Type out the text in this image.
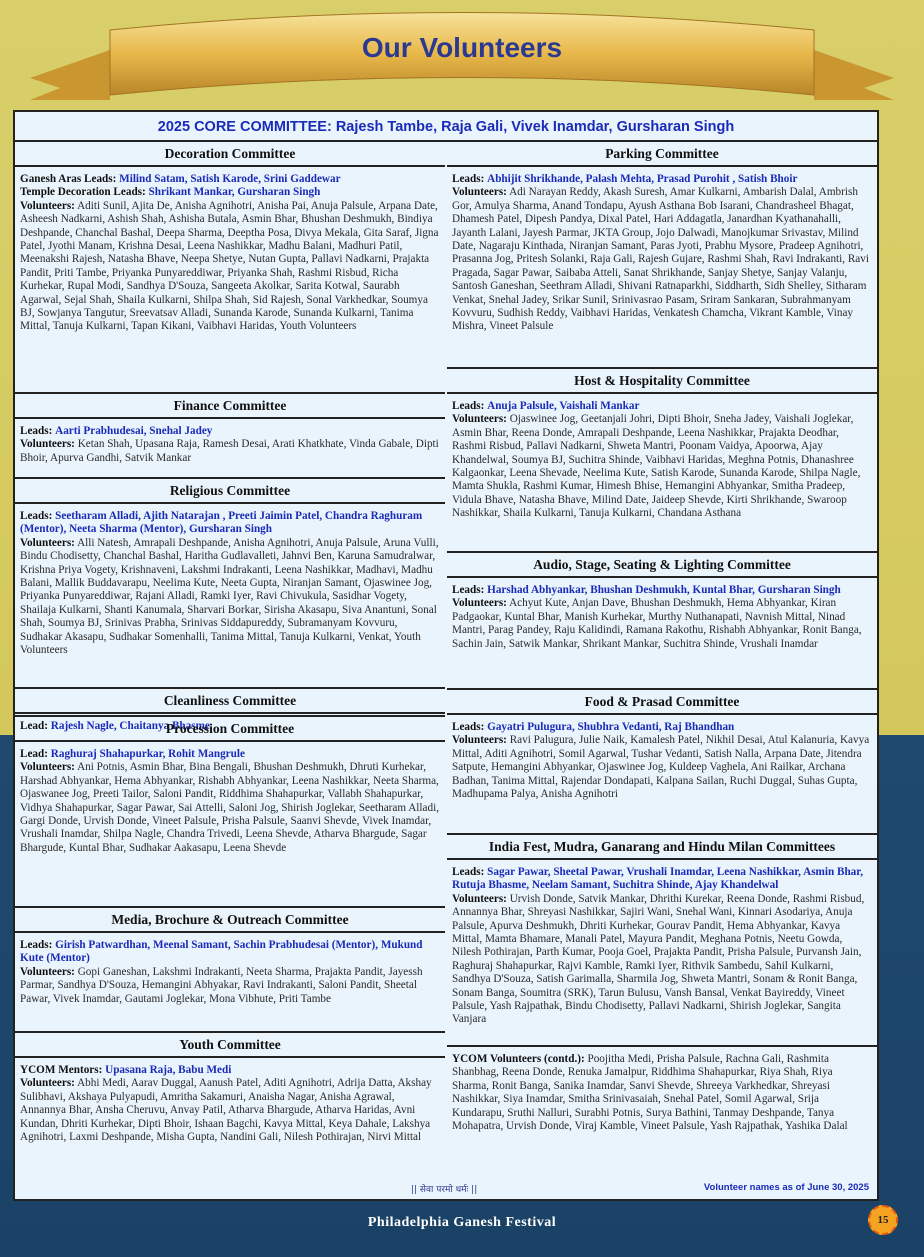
Our Volunteers
2025 CORE COMMITTEE: Rajesh Tambe, Raja Gali, Vivek Inamdar, Gursharan Singh
Decoration Committee
Ganesh Aras Leads: Milind Satam, Satish Karode, Srini Gaddewar
Temple Decoration Leads: Shrikant Mankar, Gursharan Singh
Volunteers: Aditi Sunil, Ajita De, Anisha Agnihotri, Anisha Pai, Anuja Palsule, Arpana Date, Asheesh Nadkarni, Ashish Shah, Ashisha Butala, Asmin Bhar, Bhushan Deshmukh, Bindiya Deshpande, Chanchal Bashal, Deepa Sharma, Deeptha Posa, Divya Mekala, Gita Saraf, Jigna Patel, Jyothi Manam, Krishna Desai, Leena Nashikkar, Madhu Balani, Madhuri Patil, Meenakshi Rajesh, Natasha Bhave, Neepa Shetye, Nutan Gupta, Pallavi Nadkarni, Prajakta Pandit, Priti Tambe, Priyanka Punyareddiwar, Priyanka Shah, Rashmi Risbud, Richa Kurhekar, Rupal Modi, Sandhya D'Souza, Sangeeta Akolkar, Sarita Kotwal, Saurabh Agarwal, Sejal Shah, Shaila Kulkarni, Shilpa Shah, Sid Rajesh, Sonal Varkhedkar, Soumya BJ, Sowjanya Tangutur, Sreevatsav Alladi, Sunanda Karode, Sunanda Kulkarni, Tanima Mittal, Tanuja Kulkarni, Tapan Kikani, Vaibhavi Haridas, Youth Volunteers
Finance Committee
Leads: Aarti Prabhudesai, Snehal Jadey
Volunteers: Ketan Shah, Upasana Raja, Ramesh Desai, Arati Khatkhate, Vinda Gabale, Dipti Bhoir, Apurva Gandhi, Satvik Mankar
Religious Committee
Leads: Seetharam Alladi, Ajith Natarajan , Preeti Jaimin Patel, Chandra Raghuram (Mentor), Neeta Sharma (Mentor), Gursharan Singh
Volunteers: Alli Natesh, Amrapali Deshpande, Anisha Agnihotri, Anuja Palsule, Aruna Vulli, Bindu Chodisetty, Chanchal Bashal, Haritha Gudlavalleti, Jahnvi Ben, Karuna Samudralwar, Krishna Priya Vogety, Krishnaveni, Lakshmi Indrakanti, Leena Nashikkar, Madhavi, Madhu Balani, Mallik Buddavarapu, Neelima Kute, Neeta Gupta, Niranjan Samant, Ojaswinee Jog, Priyanka Punyareddiwar, Rajani Alladi, Ramki Iyer, Ravi Chivukula, Sasidhar Vogety, Shailaja Kulkarni, Shanti Kanumala, Sharvari Borkar, Sirisha Akasapu, Siva Anantuni, Sonal Shah, Soumya BJ, Srinivas Prabha, Srinivas Siddapureddy, Subramanyam Kovvuru, Sudhakar Akasapu, Sudhakar Somenhalli, Tanima Mittal, Tanuja Kulkarni, Venkat, Youth Volunteers
Cleanliness Committee
Lead: Rajesh Nagle, Chaitanya Bhasme
Procession Committee
Lead: Raghuraj Shahapurkar, Rohit Mangrule
Volunteers: Ani Potnis, Asmin Bhar, Bina Bengali, Bhushan Deshmukh, Dhruti Kurhekar, Harshad Abhyankar, Hema Abhyankar, Rishabh Abhyankar, Leena Nashikkar, Neeta Sharma, Ojaswanee Jog, Preeti Tailor, Saloni Pandit, Riddhima Shahapurkar, Vallabh Shahapurkar, Vidhya Shahapurkar, Sagar Pawar, Sai Attelli, Saloni Jog, Shirish Joglekar, Seetharam Alladi, Gargi Donde, Urvish Donde, Vineet Palsule, Prisha Palsule, Saanvi Shevde, Vivek Inamdar, Vrushali Inamdar, Shilpa Nagle, Chandra Trivedi, Leena Shevde, Atharva Bhargude, Sagar Bhargude, Kuntal Bhar, Sudhakar Aakasapu, Leena Shevde
Media, Brochure & Outreach Committee
Leads: Girish Patwardhan, Meenal Samant, Sachin Prabhudesai (Mentor), Mukund Kute (Mentor)
Volunteers: Gopi Ganeshan, Lakshmi Indrakanti, Neeta Sharma, Prajakta Pandit, Jayessh Parmar, Sandhya D'Souza, Hemangini Abhyakar, Ravi Indrakanti, Saloni Pandit, Sheetal Pawar, Vivek Inamdar, Gautami Joglekar, Mona Vibhute, Priti Tambe
Youth Committee
YCOM Mentors: Upasana Raja, Babu Medi
Volunteers: Abhi Medi, Aarav Duggal, Aanush Patel, Aditi Agnihotri, Adrija Datta, Akshay Sulibhavi, Akshaya Pulyapudi, Amritha Sakamuri, Anaisha Nagar, Anisha Agrawal, Annannya Bhar, Ansha Cheruvu, Anvay Patil, Atharva Bhargude, Atharva Haridas, Avni Kundan, Dhriti Kurhekar, Dipti Bhoir, Ishaan Bagchi, Kavya Mittal, Keya Dahale, Lakshya Agnihotri, Laxmi Deshpande, Misha Gupta, Nandini Gali, Nilesh Pothirajan, Nirvi Mittal
Parking Committee
Leads: Abhijit Shrikhande, Palash Mehta, Prasad Purohit , Satish Bhoir
Volunteers: Adi Narayan Reddy, Akash Suresh, Amar Kulkarni, Ambarish Dalal, Ambrish Gor, Amulya Sharma, Anand Tondapu, Ayush Asthana Bob Isarani, Chandrasheel Bhagat, Dhamesh Patel, Dipesh Pandya, Dixal Patel, Hari Addagatla, Janardhan Kyathanahalli, Jayanth Lalani, Jayesh Parmar, JKTA Group, Jojo Dalwadi, Manojkumar Srivastav, Milind Date, Nagaraju Kinthada, Niranjan Samant, Paras Jyoti, Prabhu Mysore, Pradeep Agnihotri, Prasanna Jog, Pritesh Solanki, Raja Gali, Rajesh Gujare, Rashmi Shah, Ravi Indrakanti, Ravi Pragada, Sagar Pawar, Saibaba Atteli, Sanat Shrikhande, Sanjay Shetye, Sanjay Valanju, Santosh Ganeshan, Seethram Alladi, Shivani Ratnaparkhi, Siddharth, Sidh Shelley, Sitharam Venkat, Snehal Jadey, Srikar Sunil, Srinivasrao Pasam, Sriram Sankaran, Subrahmanyam Kovvuru, Sudhish Reddy, Vaibhavi Haridas, Venkatesh Chamcha, Vikrant Kamble, Vinay Mishra, Vineet Palsule
Host & Hospitality Committee
Leads: Anuja Palsule, Vaishali Mankar
Volunteers: Ojaswinee Jog, Geetanjali Johri, Dipti Bhoir, Sneha Jadey, Vaishali Joglekar, Asmin Bhar, Reena Donde, Amrapali Deshpande, Leena Nashikkar, Prajakta Deodhar, Rashmi Risbud, Pallavi Nadkarni, Shweta Mantri, Poonam Vaidya, Apoorwa, Ajay Khandelwal, Soumya BJ, Suchitra Shinde, Vaibhavi Haridas, Meghna Potnis, Dhanashree Kalgaonkar, Leena Shevade, Neelima Kute, Satish Karode, Sunanda Karode, Shilpa Nagle, Mamta Shukla, Rashmi Kumar, Himesh Bhise, Hemangini Abhyankar, Smitha Pradeep, Vidula Bhave, Natasha Bhave, Milind Date, Jaideep Shevde, Kirti Shrikhande, Swaroop Nashikkar, Shaila Kulkarni, Tanuja Kulkarni, Chandana Asthana
Audio, Stage, Seating & Lighting Committee
Leads: Harshad Abhyankar, Bhushan Deshmukh, Kuntal Bhar, Gursharan Singh
Volunteers: Achyut Kute, Anjan Dave, Bhushan Deshmukh, Hema Abhyankar, Kiran Padgaokar, Kuntal Bhar, Manish Kurhekar, Murthy Nuthanapati, Navnish Mittal, Ninad Mantri, Parag Pandey, Raju Kalidindi, Ramana Rakothu, Rishabh Abhyankar, Ronit Banga, Sachin Jain, Satwik Mankar, Shrikant Mankar, Suchitra Shinde, Vrushali Inamdar
Food & Prasad Committee
Leads: Gayatri Pulugura, Shubhra Vedanti, Raj Bhandhan
Volunteers: Ravi Palugura, Julie Naik, Kamalesh Patel, Nikhil Desai, Atul Kalanuria, Kavya Mittal, Aditi Agnihotri, Somil Agarwal, Tushar Vedanti, Satish Nalla, Arpana Date, Jitendra Satpute, Hemangini Abhyankar, Ojaswinee Jog, Kuldeep Vaghela, Ani Railkar, Archana Badhan, Tanima Mittal, Rajendar Dondapati, Kalpana Sailan, Ruchi Duggal, Suhas Gupta, Madhupama Palya, Anisha Agnihotri
India Fest, Mudra, Ganarang and Hindu Milan Committees
Leads: Sagar Pawar, Sheetal Pawar, Vrushali Inamdar, Leena Nashikkar, Asmin Bhar, Rutuja Bhasme, Neelam Samant, Suchitra Shinde, Ajay Khandelwal
Volunteers: Urvish Donde, Satvik Mankar, Dhrithi Kurekar, Reena Donde, Rashmi Risbud, Annannya Bhar, Shreyasi Nashikkar, Sajiri Wani, Snehal Wani, Kinnari Asodariya, Anuja Palsule, Apurva Deshmukh, Dhriti Kurhekar, Gourav Pandit, Hema Abhyankar, Kavya Mittal, Mamta Bhamare, Manali Patel, Mayura Pandit, Meghana Potnis, Neetu Gowda, Nilesh Pothirajan, Parth Kumar, Pooja Goel, Prajakta Pandit, Prisha Palsule, Purvansh Jain, Raghuraj Shahapurkar, Rajvi Kamble, Ramki Iyer, Rithvik Sambedu, Sahil Kulkarni, Sandhya D'Souza, Satish Garimalla, Sharmila Jog, Shweta Mantri, Sonam & Ronit Banga, Sonam Banga, Soumitra (SRK), Tarun Bulusu, Vansh Bansal, Venkat Bayireddy, Vineet Palsule, Yash Rajpathak, Bindu Chodisetty, Pallavi Nadkarni, Shirish Joglekar, Sangita Vanjara
YCOM Volunteers (contd.): Poojitha Medi, Prisha Palsule, Rachna Gali, Rashmita Shanbhag, Reena Donde, Renuka Jamalpur, Riddhima Shahapurkar, Riya Shah, Riya Sharma, Ronit Banga, Sanika Inamdar, Sanvi Shevde, Shreeya Varkhedkar, Shreyasi Nashikkar, Siya Inamdar, Smitha Srinivasaiah, Snehal Patel, Somil Agarwal, Srija Kundarapu, Sruthi Nalluri, Surabhi Potnis, Surya Bathini, Tanmay Deshpande, Tanya Mohapatra, Urvish Donde, Viraj Kamble, Vineet Palsule, Yash Rajpathak, Yashika Dalal
|| सेवा परमो धर्मः ||	Volunteer names as of June 30, 2025
Philadelphia Ganesh Festival	15
